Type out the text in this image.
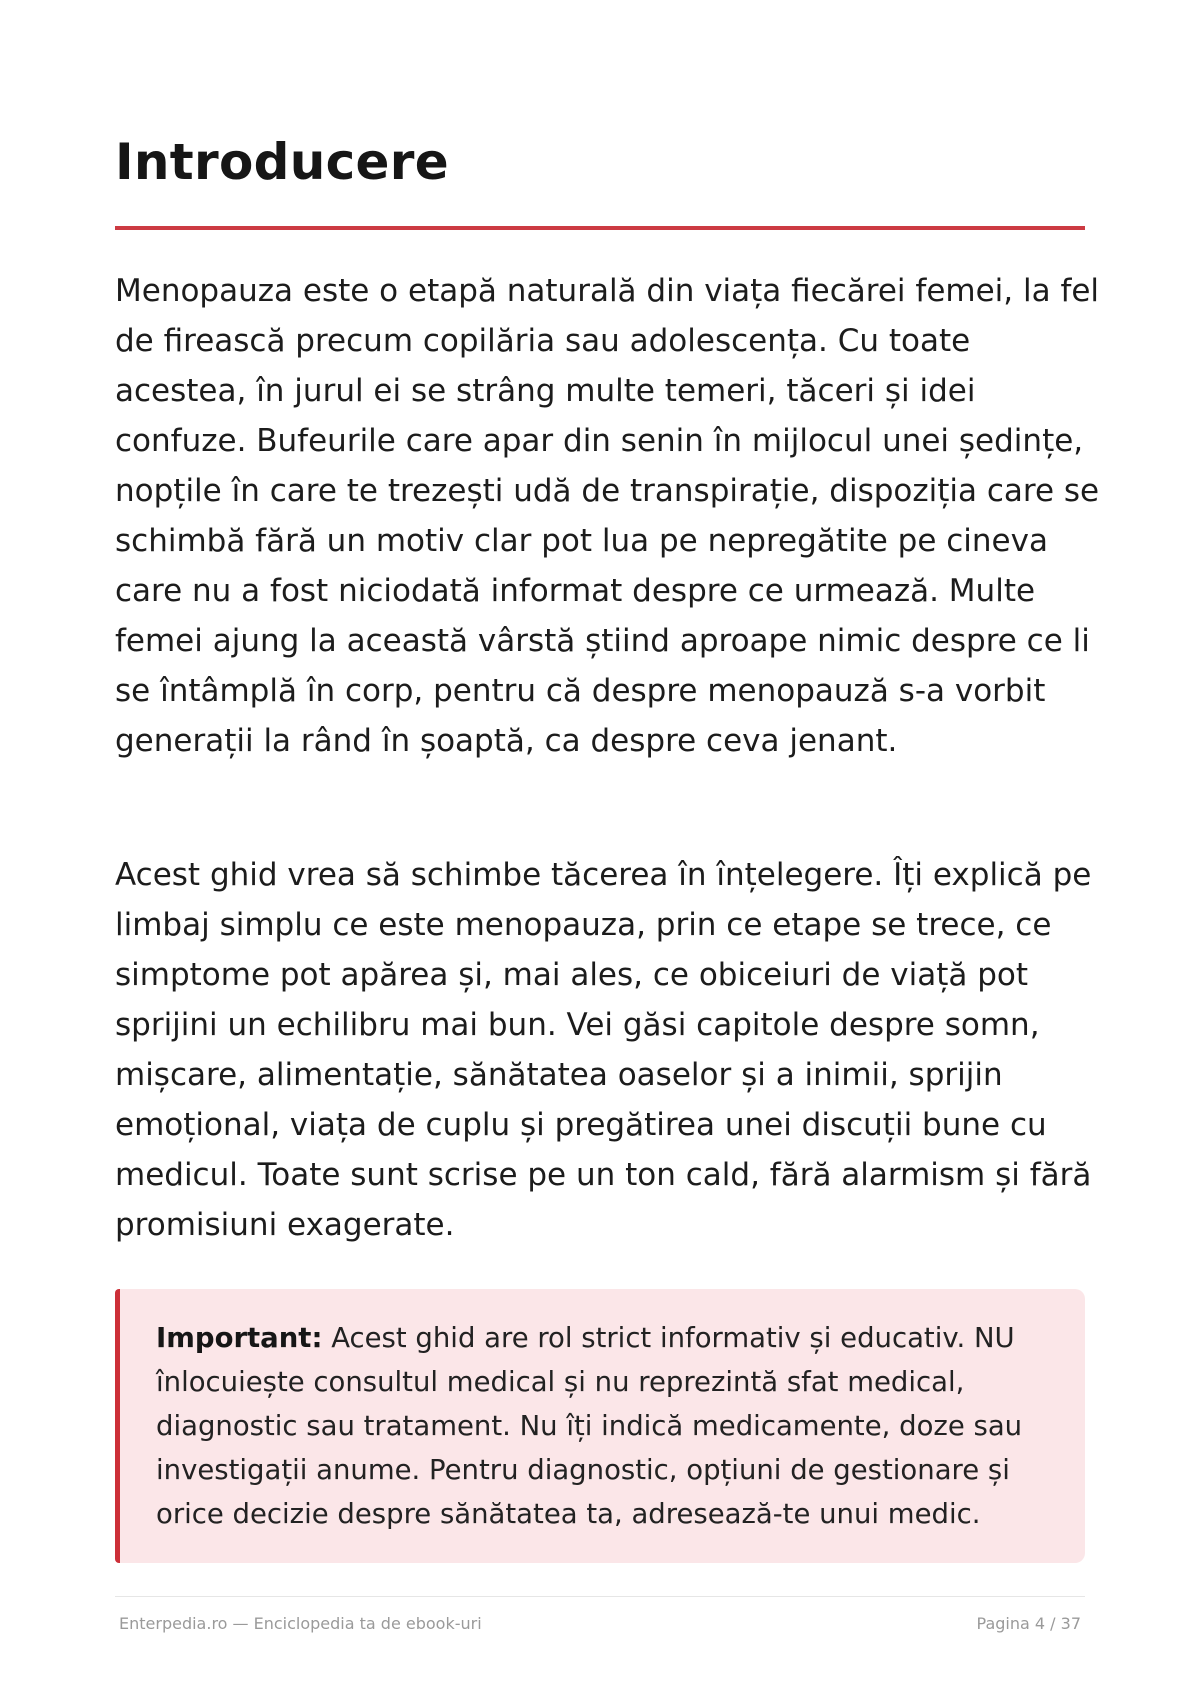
Introducere

Menopauza este o etapă naturală din viața fiecărei femei, la fel de firească precum copilăria sau adolescența. Cu toate acestea, în jurul ei se strâng multe temeri, tăceri și idei confuze. Bufeurile care apar din senin în mijlocul unei ședințe, nopțile în care te trezești udă de transpirație, dispoziția care se schimbă fără un motiv clar pot lua pe nepregătite pe cineva care nu a fost niciodată informat despre ce urmează. Multe femei ajung la această vârstă știind aproape nimic despre ce li se întâmplă în corp, pentru că despre menopauză s-a vorbit generații la rând în șoaptă, ca despre ceva jenant.

Acest ghid vrea să schimbe tăcerea în înțelegere. Îți explică pe limbaj simplu ce este menopauza, prin ce etape se trece, ce simptome pot apărea și, mai ales, ce obiceiuri de viață pot sprijini un echilibru mai bun. Vei găsi capitole despre somn, mișcare, alimentație, sănătatea oaselor și a inimii, sprijin emoțional, viața de cuplu și pregătirea unei discuții bune cu medicul. Toate sunt scrise pe un ton cald, fără alarmism și fără promisiuni exagerate.

Important: Acest ghid are rol strict informativ și educativ. NU înlocuiește consultul medical și nu reprezintă sfat medical, diagnostic sau tratament. Nu îți indică medicamente, doze sau investigații anume. Pentru diagnostic, opțiuni de gestionare și orice decizie despre sănătatea ta, adresează-te unui medic.

Enterpedia.ro — Enciclopedia ta de ebook-uri	Pagina 4 / 37
